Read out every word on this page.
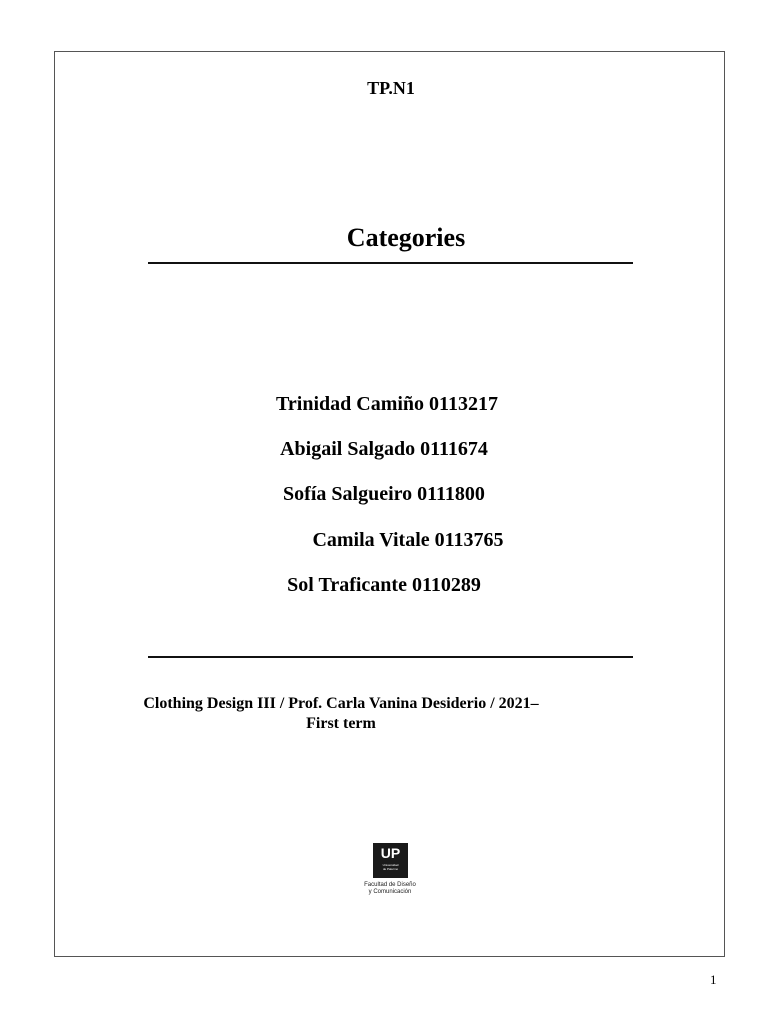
TP.N1
Categories
Trinidad Camiño 0113217
Abigail Salgado 0111674
Sofía Salgueiro 0111800
Camila Vitale 0113765
Sol Traficante 0110289
Clothing Design III / Prof. Carla Vanina Desiderio / 2021–
First term
UP
Universidad
de Palermo
Facultad de Diseño
y Comunicación
1
